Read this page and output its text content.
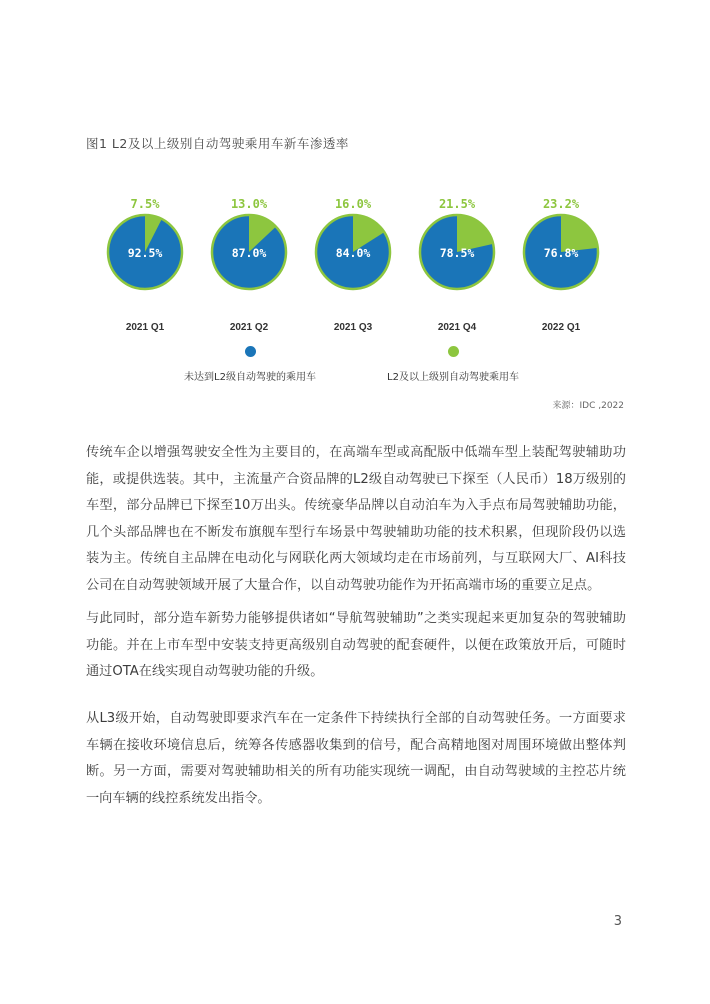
图1 L2及以上级别自动驾驶乘用车新车渗透率
7.5%
92.5%
2021 Q1
13.0%
87.0%
2021 Q2
16.0%
84.0%
2021 Q3
21.5%
78.5%
2021 Q4
23.2%
76.8%
2022 Q1
未达到L2级自动驾驶的乘用车	L2及以上级别自动驾驶乘用车
来源：IDC ,2022

传统车企以增强驾驶安全性为主要目的，在高端车型或高配版中低端车型上装配驾驶辅助功能，或提供选装。其中，主流量产合资品牌的L2级自动驾驶已下探至（人民币）18万级别的车型，部分品牌已下探至10万出头。传统豪华品牌以自动泊车为入手点布局驾驶辅助功能，几个头部品牌也在不断发布旗舰车型行车场景中驾驶辅助功能的技术积累，但现阶段仍以选装为主。传统自主品牌在电动化与网联化两大领域均走在市场前列，与互联网大厂、AI科技公司在自动驾驶领域开展了大量合作，以自动驾驶功能作为开拓高端市场的重要立足点。

与此同时，部分造车新势力能够提供诸如“导航驾驶辅助”之类实现起来更加复杂的驾驶辅助功能。并在上市车型中安装支持更高级别自动驾驶的配套硬件，以便在政策放开后，可随时通过OTA在线实现自动驾驶功能的升级。

从L3级开始，自动驾驶即要求汽车在一定条件下持续执行全部的自动驾驶任务。一方面要求车辆在接收环境信息后，统筹各传感器收集到的信号，配合高精地图对周围环境做出整体判断。另一方面，需要对驾驶辅助相关的所有功能实现统一调配，由自动驾驶域的主控芯片统一向车辆的线控系统发出指令。

3
